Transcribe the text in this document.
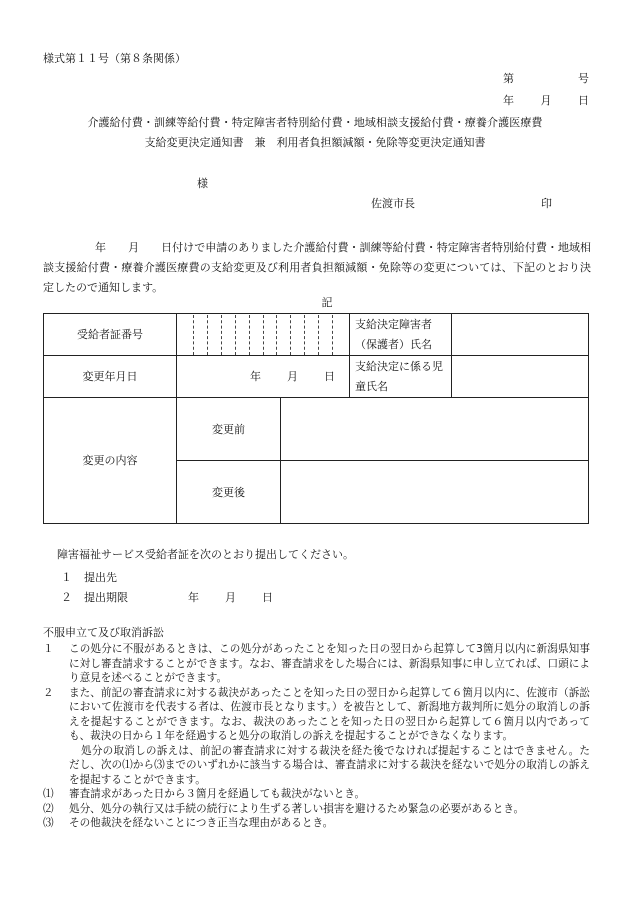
様式第１１号（第８条関係）
第	号
年 月 日
介護給付費・訓練等給付費・特定障害者特別給付費・地域相談支援給付費・療養介護医療費
支給変更決定通知書　兼　利用者負担額減額・免除等変更決定通知書
様
佐渡市長	印
年　　月　　日付けで申請のありました介護給付費・訓練等給付費・特定障害者特別給付費・地域相談支援給付費・療養介護医療費の支給変更及び利用者負担額減額・免除等の変更については、下記のとおり決定したので通知します。
記
受給者証番号			支給決定障害者（保護者）氏名	
変更年月日	年 月 日		支給決定に係る児童氏名	
変更の内容	変更前			
	変更後			
障害福祉サービス受給者証を次のとおり提出してください。
１ 提出先
２ 提出期限	年 月 日
不服申立て及び取消訴訟
１	この処分に不服があるときは、この処分があったことを知った日の翌日から起算して3箇月以内に新潟県知事に対し審査請求することができます。なお、審査請求をした場合には、新潟県知事に申し立てれば、口頭により意見を述べることができます。
２	また、前記の審査請求に対する裁決があったことを知った日の翌日から起算して６箇月以内に、佐渡市（訴訟において佐渡市を代表する者は、佐渡市長となります。）を被告として、新潟地方裁判所に処分の取消しの訴えを提起することができます。なお、裁決のあったことを知った日の翌日から起算して６箇月以内であっても、裁決の日から１年を経過すると処分の取消しの訴えを提起することができなくなります。
処分の取消しの訴えは、前記の審査請求に対する裁決を経た後でなければ提起することはできません。ただし、次の⑴から⑶までのいずれかに該当する場合は、審査請求に対する裁決を経ないで処分の取消しの訴えを提起することができます。
⑴	審査請求があった日から３箇月を経過しても裁決がないとき。
⑵	処分、処分の執行又は手続の続行により生ずる著しい損害を避けるため緊急の必要があるとき。
⑶	その他裁決を経ないことにつき正当な理由があるとき。
